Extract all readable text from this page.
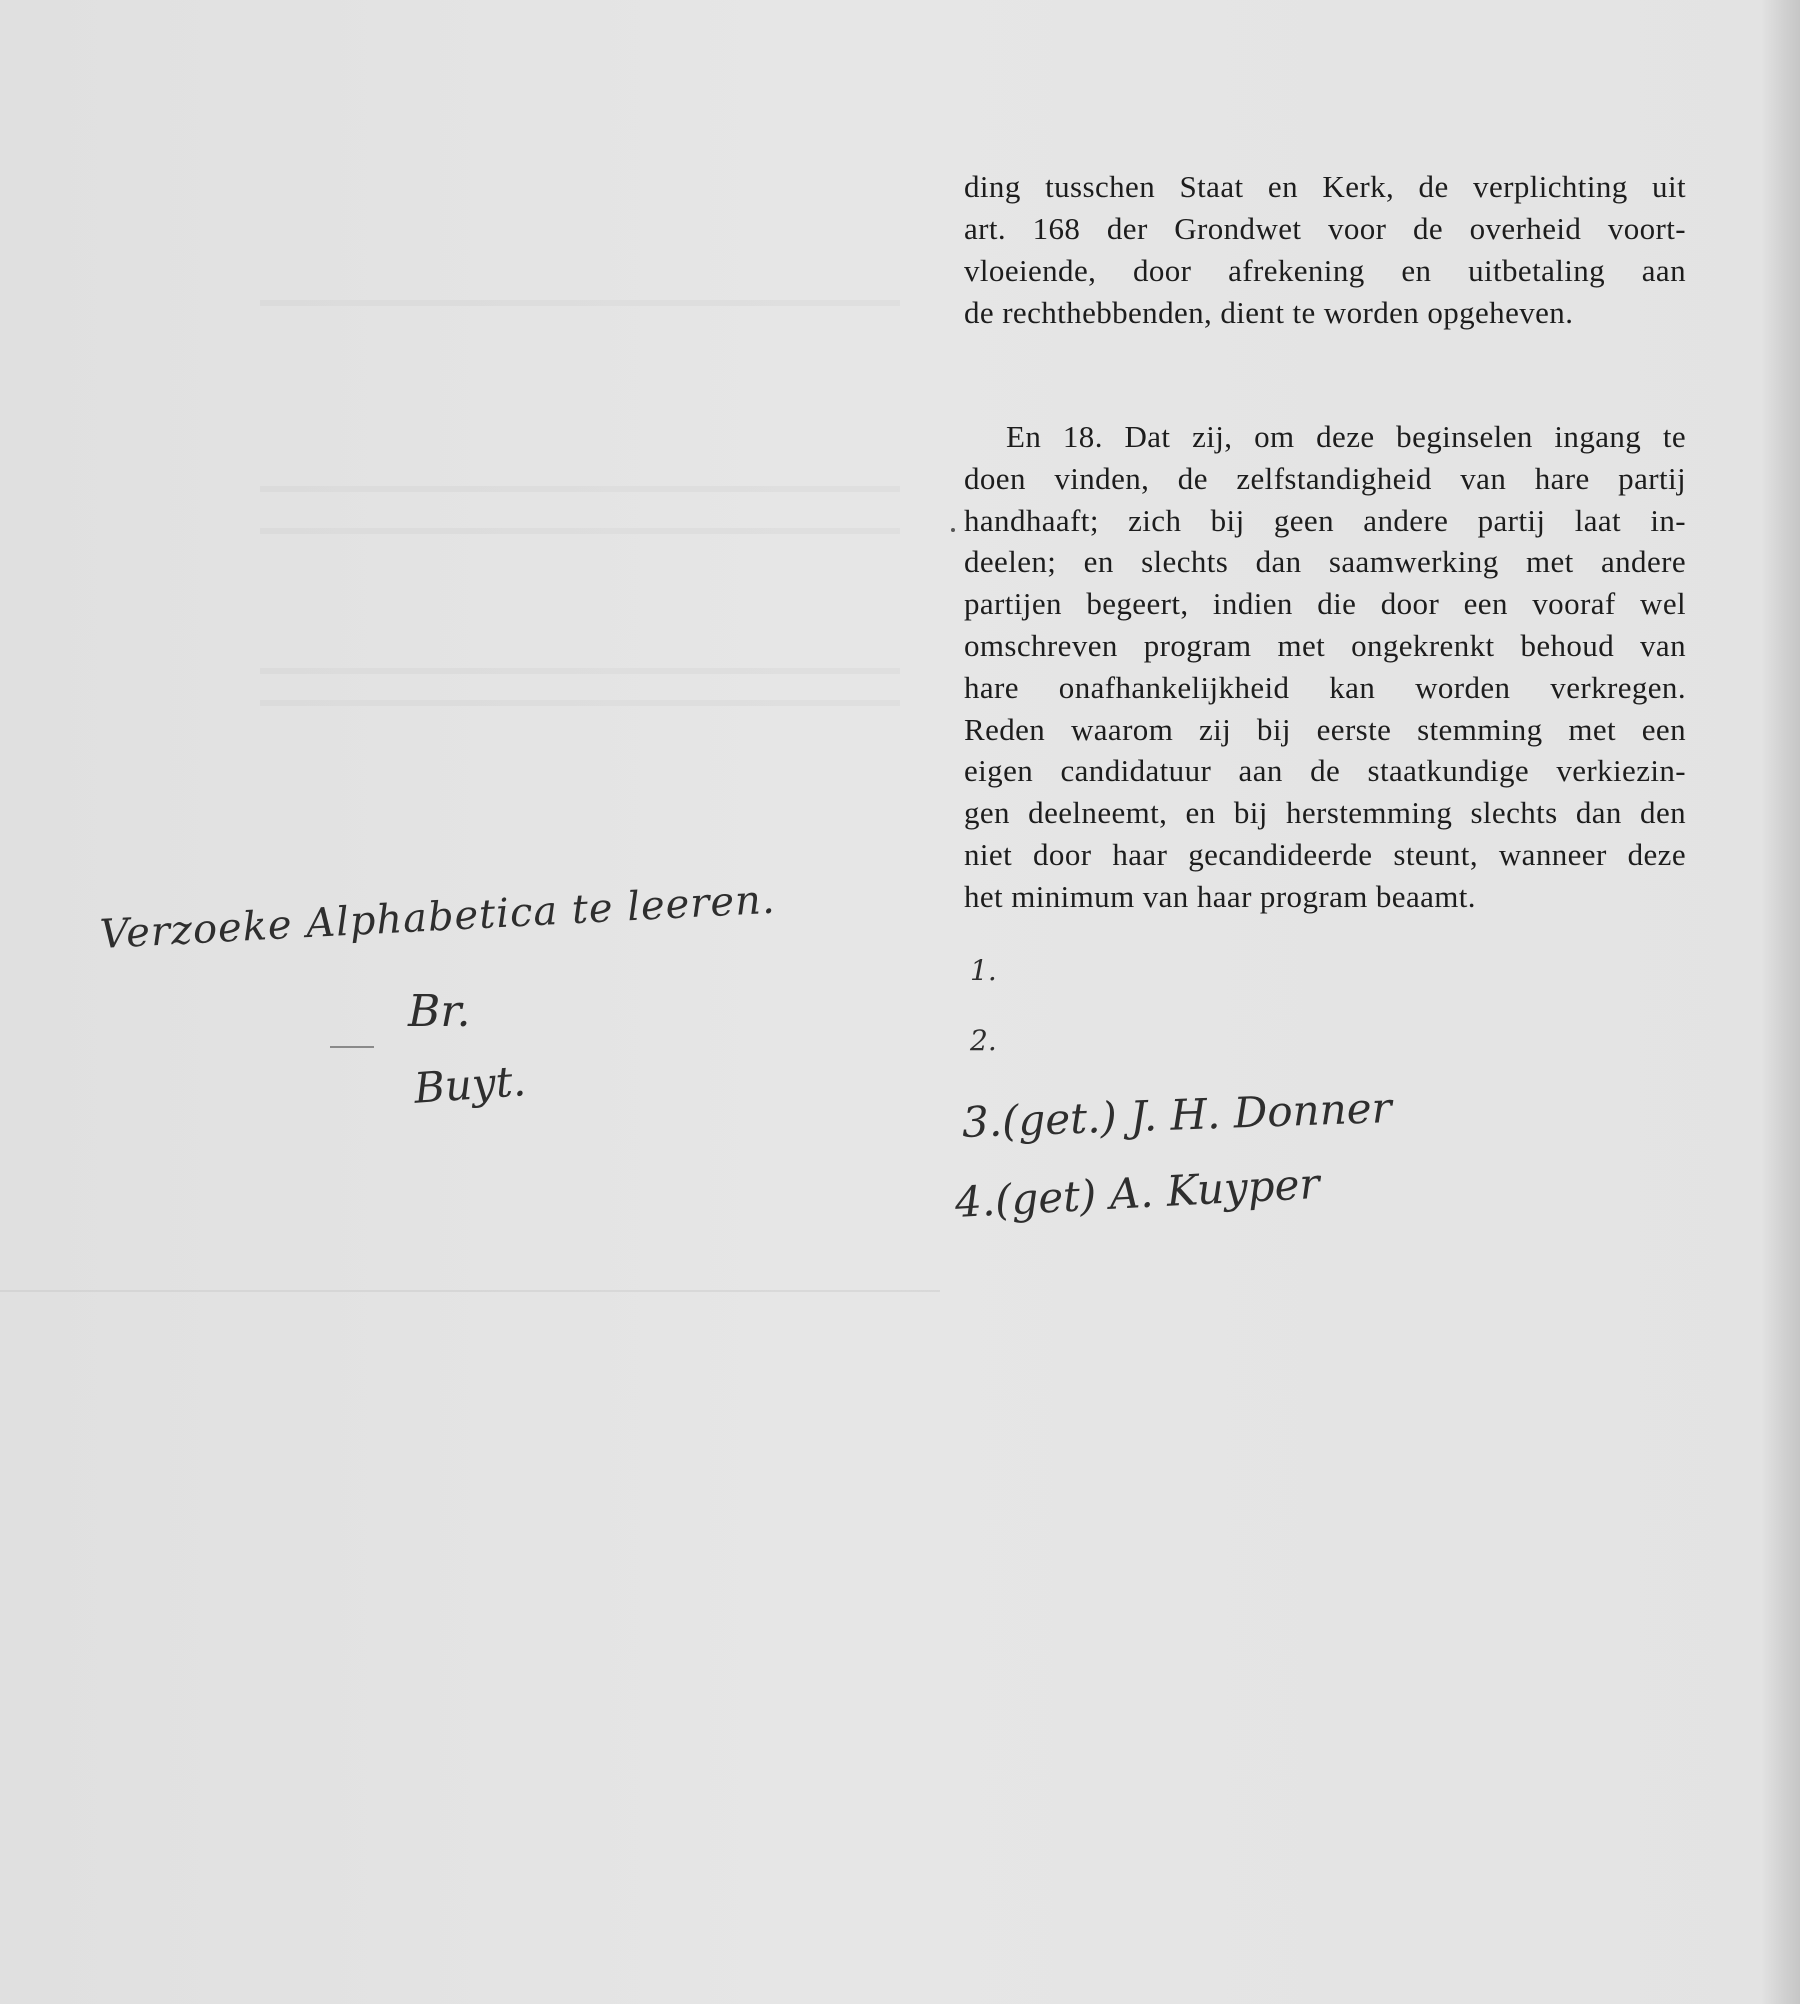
ding tusschen Staat en Kerk, de verplichting uit
art. 168 der Grondwet voor de overheid voort-
vloeiende, door afrekening en uitbetaling aan
de rechthebbenden, dient te worden opgeheven.
En 18. Dat zij, om deze beginselen ingang te
doen vinden, de zelfstandigheid van hare partij
handhaaft; zich bij geen andere partij laat in-
deelen; en slechts dan saamwerking met andere
partijen begeert, indien die door een vooraf wel
omschreven program met ongekrenkt behoud van
hare onafhankelijkheid kan worden verkregen.
Reden waarom zij bij eerste stemming met een
eigen candidatuur aan de staatkundige verkiezin-
gen deelneemt, en bij herstemming slechts dan den
niet door haar gecandideerde steunt, wanneer deze
het minimum van haar program beaamt.
Verzoeke Alphabetica te leeren.
Br.
Buyt.
1.
2.
3.(get.) J. H. Donner
4.(get) A. Kuyper
